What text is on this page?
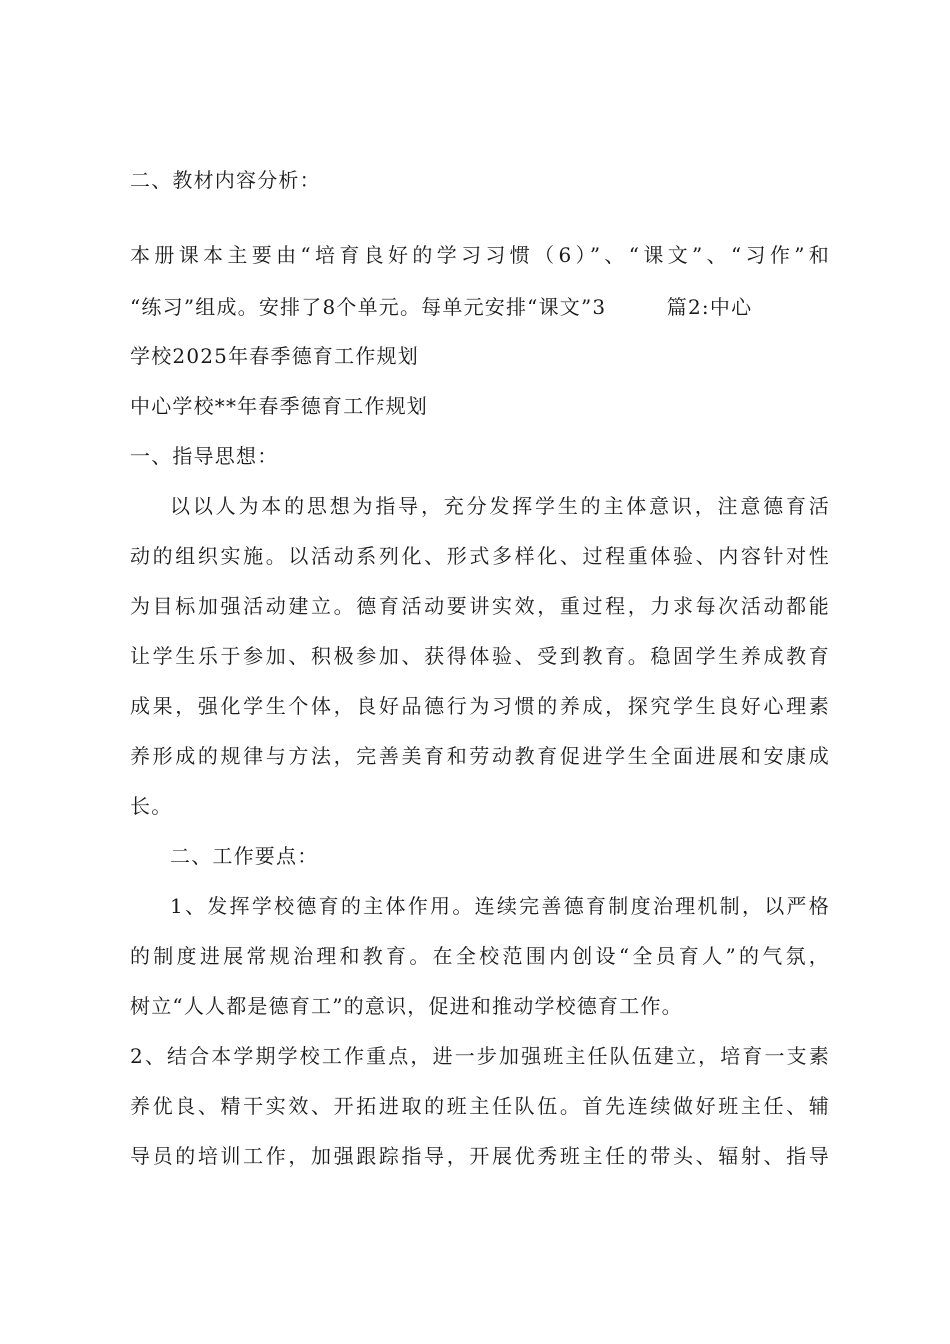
二、教材内容分析：
本册课本主要由“培育良好的学习习惯（6）”、“课文”、“习作”和
“练习”组成。安排了8个单元。每单元安排“课文”3        篇2:中心
学校2025年春季德育工作规划
中心学校**年春季德育工作规划
一、指导思想：
以以人为本的思想为指导，充分发挥学生的主体意识，注意德育活
动的组织实施。以活动系列化、形式多样化、过程重体验、内容针对性
为目标加强活动建立。德育活动要讲实效，重过程，力求每次活动都能
让学生乐于参加、积极参加、获得体验、受到教育。稳固学生养成教育
成果，强化学生个体，良好品德行为习惯的养成，探究学生良好心理素
养形成的规律与方法，完善美育和劳动教育促进学生全面进展和安康成
长。
二、工作要点：
1、发挥学校德育的主体作用。连续完善德育制度治理机制，以严格
的制度进展常规治理和教育。在全校范围内创设“全员育人”的气氛，
树立“人人都是德育工”的意识，促进和推动学校德育工作。
2、结合本学期学校工作重点，进一步加强班主任队伍建立，培育一支素
养优良、精干实效、开拓进取的班主任队伍。首先连续做好班主任、辅
导员的培训工作，加强跟踪指导，开展优秀班主任的带头、辐射、指导
